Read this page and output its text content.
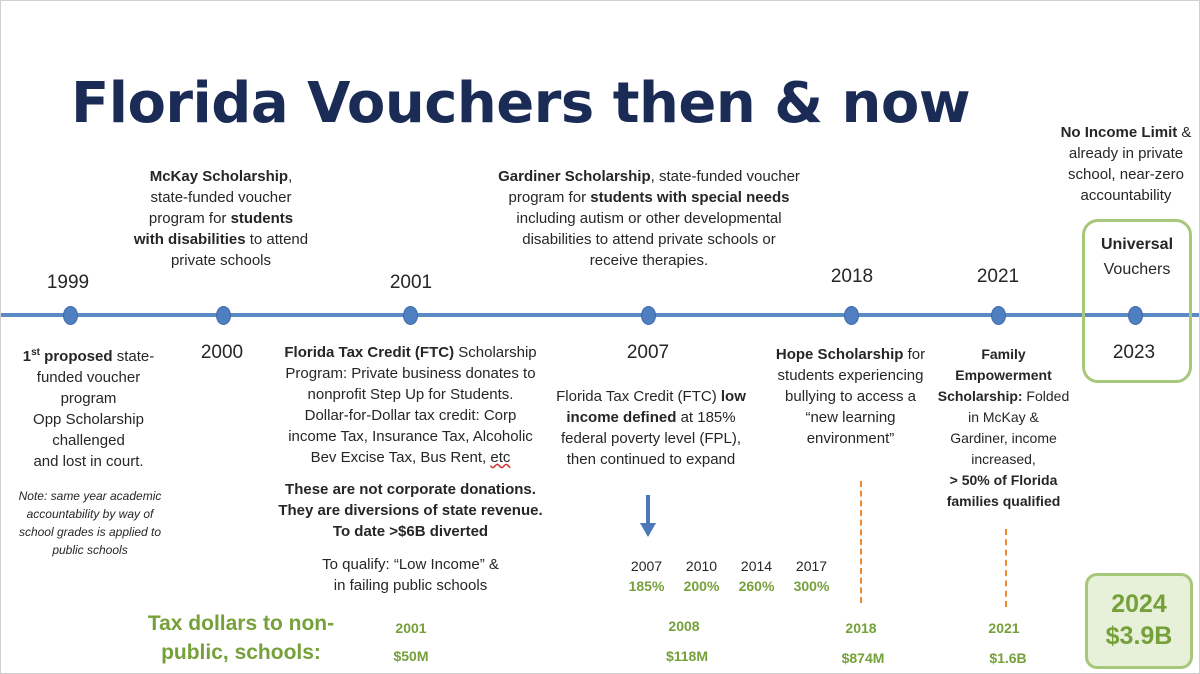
Florida Vouchers then & now
1999
2000
2001
2007
2018	2021
2023
McKay Scholarship,
state-funded voucher
program for students
with disabilities to attend
private schools
Gardiner Scholarship, state-funded voucher
program for students with special needs
including autism or other developmental
disabilities to attend private schools or
receive therapies.
No Income Limit &
already in private
school, near-zero
accountability
Universal
Vouchers
1st proposed state-
funded voucher
program
Opp Scholarship
challenged
and lost in court.
Note: same year academic
accountability by way of
school grades is applied to
public schools
Florida Tax Credit (FTC) Scholarship
Program: Private business donates to
nonprofit Step Up for Students.
Dollar-for-Dollar tax credit: Corp
income Tax, Insurance Tax, Alcoholic
Bev Excise Tax, Bus Rent, etc
These are not corporate donations.
They are diversions of state revenue.
To date >$6B diverted
To qualify: “Low Income” &
in failing public schools
Florida Tax Credit (FTC) low
income defined at 185%
federal poverty level (FPL),
then continued to expand
2007	2010	2014	2017
185%	200%	260%	300%
Hope Scholarship for
students experiencing
bullying to access a
“new learning
environment”
Family
Empowerment
Scholarship: Folded
in McKay &
Gardiner, income
increased,
> 50% of Florida
families qualified
Tax dollars to non-
public, schools:
2001
$50M
2008
$118M
2018
$874M
2021
$1.6B
2024
$3.9B
